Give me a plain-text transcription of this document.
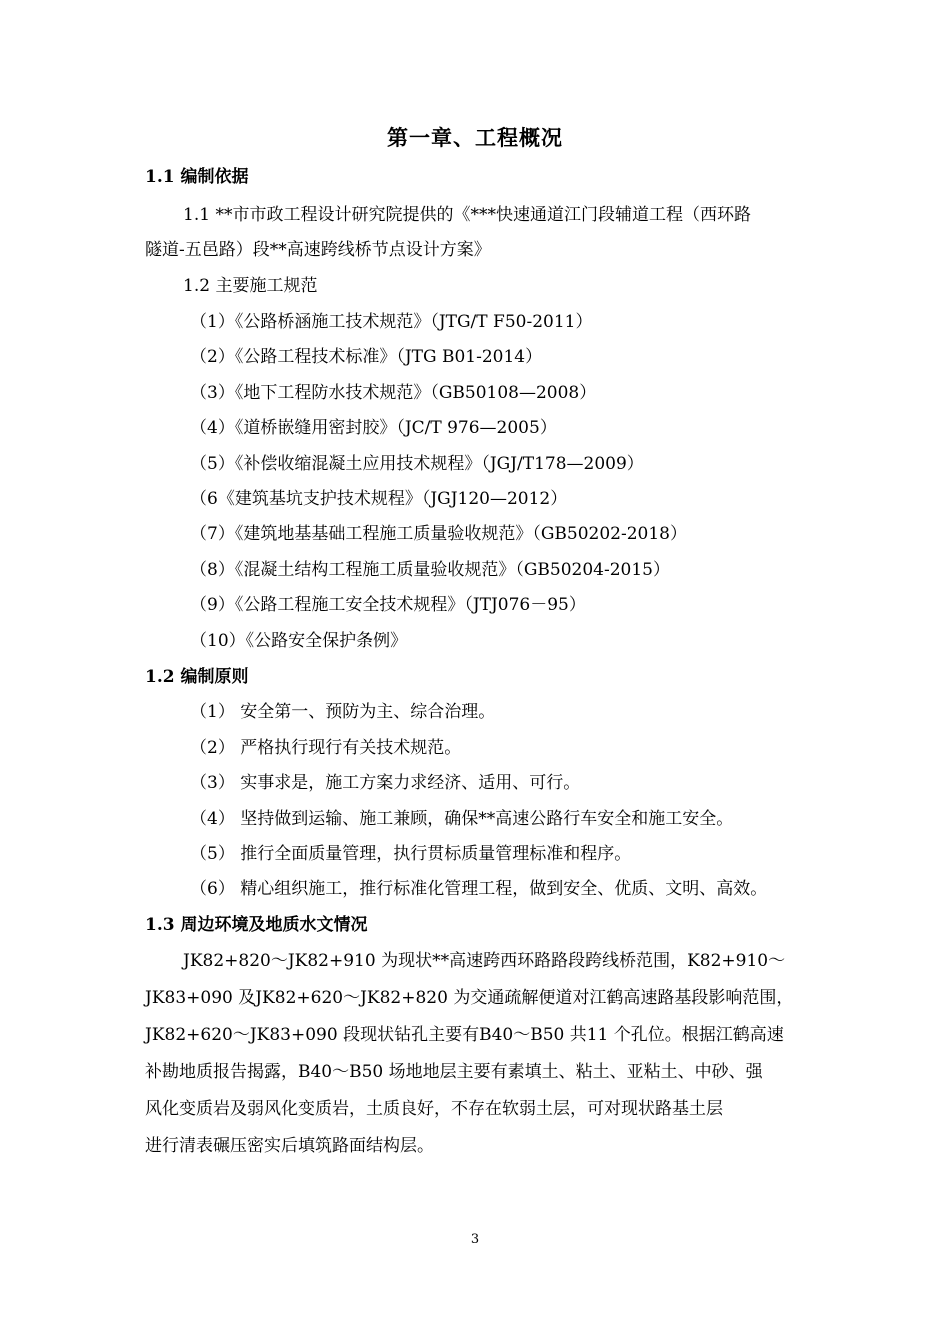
第一章、工程概况
1.1 编制依据
1.1 **市市政工程设计研究院提供的《***快速通道江门段辅道工程（西环路
隧道-五邑路）段**高速跨线桥节点设计方案》
1.2 主要施工规范
（1）《公路桥涵施工技术规范》（JTG/T F50-2011）
（2）《公路工程技术标准》（JTG B01-2014）
（3）《地下工程防水技术规范》（GB50108—2008）
（4）《道桥嵌缝用密封胶》（JC/T 976—2005）
（5）《补偿收缩混凝土应用技术规程》（JGJ/T178—2009）
（6《建筑基坑支护技术规程》（JGJ120—2012）
（7）《建筑地基基础工程施工质量验收规范》（GB50202-2018）
（8）《混凝土结构工程施工质量验收规范》（GB50204-2015）
（9）《公路工程施工安全技术规程》（JTJ076－95）
（10）《公路安全保护条例》
1.2 编制原则
（1） 安全第一、预防为主、综合治理。
（2） 严格执行现行有关技术规范。
（3） 实事求是，施工方案力求经济、适用、可行。
（4） 坚持做到运输、施工兼顾，确保**高速公路行车安全和施工安全。
（5） 推行全面质量管理，执行贯标质量管理标准和程序。
（6） 精心组织施工，推行标准化管理工程，做到安全、优质、文明、高效。
1.3 周边环境及地质水文情况
JK82+820～JK82+910 为现状**高速跨西环路路段跨线桥范围，K82+910～
JK83+090 及JK82+620～JK82+820 为交通疏解便道对江鹤高速路基段影响范围，
JK82+620～JK83+090 段现状钻孔主要有B40～B50 共11 个孔位。根据江鹤高速
补勘地质报告揭露，B40～B50 场地地层主要有素填土、粘土、亚粘土、中砂、强
风化变质岩及弱风化变质岩，土质良好，不存在软弱土层，可对现状路基土层
进行清表碾压密实后填筑路面结构层。
3
